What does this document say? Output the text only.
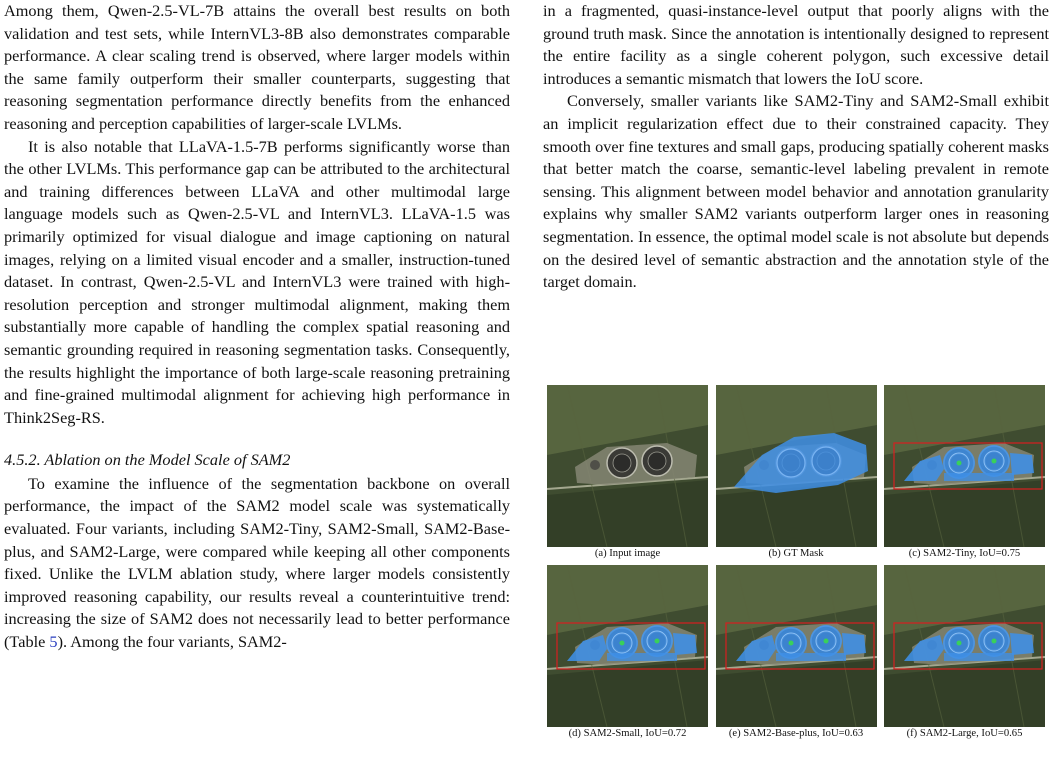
Among them, Qwen-2.5-VL-7B attains the overall best results on both validation and test sets, while InternVL3-8B also demonstrates comparable performance. A clear scaling trend is observed, where larger models within the same family outperform their smaller counterparts, suggesting that reasoning segmentation performance directly benefits from the enhanced reasoning and perception capabilities of larger-scale LVLMs.

It is also notable that LLaVA-1.5-7B performs significantly worse than the other LVLMs. This performance gap can be attributed to the architectural and training differences between LLaVA and other multimodal large language models such as Qwen-2.5-VL and InternVL3. LLaVA-1.5 was primarily optimized for visual dialogue and image captioning on natural images, relying on a limited visual encoder and a smaller, instruction-tuned dataset. In contrast, Qwen-2.5-VL and InternVL3 were trained with high-resolution perception and stronger multimodal alignment, making them substantially more capable of handling the complex spatial reasoning and semantic grounding required in reasoning segmentation tasks. Consequently, the results highlight the importance of both large-scale reasoning pretraining and fine-grained multimodal alignment for achieving high performance in Think2Seg-RS.

4.5.2. Ablation on the Model Scale of SAM2

To examine the influence of the segmentation backbone on overall performance, the impact of the SAM2 model scale was systematically evaluated. Four variants, including SAM2-Tiny, SAM2-Small, SAM2-Base-plus, and SAM2-Large, were compared while keeping all other components fixed. Unlike the LVLM ablation study, where larger models consistently improved reasoning capability, our results reveal a counterintuitive trend: increasing the size of SAM2 does not necessarily lead to better performance (Table 5). Among the four variants, SAM2-

in a fragmented, quasi-instance-level output that poorly aligns with the ground truth mask. Since the annotation is intentionally designed to represent the entire facility as a single coherent polygon, such excessive detail introduces a semantic mismatch that lowers the IoU score.

Conversely, smaller variants like SAM2-Tiny and SAM2-Small exhibit an implicit regularization effect due to their constrained capacity. They smooth over fine textures and small gaps, producing spatially coherent masks that better match the coarse, semantic-level labeling prevalent in remote sensing. This alignment between model behavior and annotation granularity explains why smaller SAM2 variants outperform larger ones in reasoning segmentation. In essence, the optimal model scale is not absolute but depends on the desired level of semantic abstraction and the annotation style of the target domain.

(a) Input image	(b) GT Mask	(c) SAM2-Tiny, IoU=0.75
(d) SAM2-Small, IoU=0.72	(e) SAM2-Base-plus, IoU=0.63	(f) SAM2-Large, IoU=0.65
